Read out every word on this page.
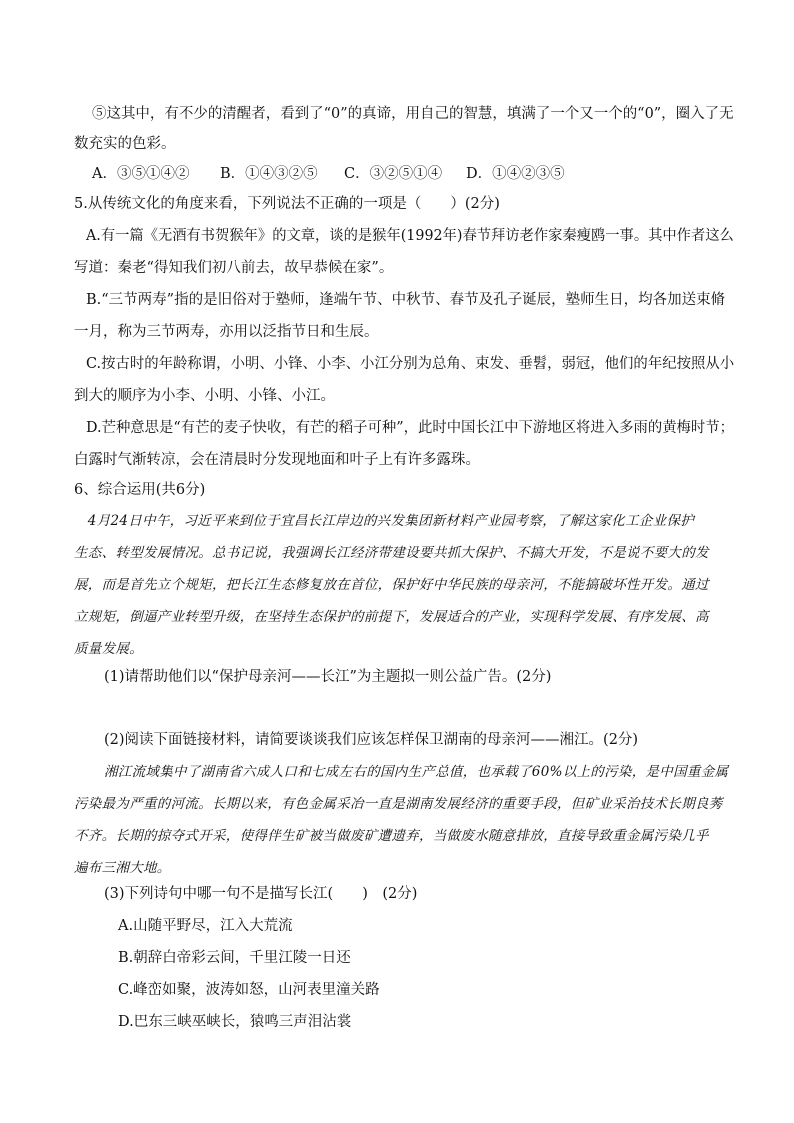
⑤这其中，有不少的清醒者，看到了“0”的真谛，用自己的智慧，填满了一个又一个的“0”，圈入了无
数充实的色彩。
A．③⑤①④② B．①④③②⑤ C．③②⑤①④ D．①④②③⑤
5.从传统文化的角度来看，下列说法不正确的一项是（　　）(2分)
A.有一篇《无酒有书贺猴年》的文章，谈的是猴年(1992年)春节拜访老作家秦瘦鸥一事。其中作者这么
写道：秦老“得知我们初八前去，故早恭候在家”。
B.“三节两寿”指的是旧俗对于塾师，逢端午节、中秋节、春节及孔子诞辰，塾师生日，均各加送束脩
一月，称为三节两寿，亦用以泛指节日和生辰。
C.按古时的年龄称谓，小明、小锋、小李、小江分别为总角、束发、垂髫，弱冠，他们的年纪按照从小
到大的顺序为小李、小明、小锋、小江。
D.芒种意思是“有芒的麦子快收，有芒的稻子可种”，此时中国长江中下游地区将进入多雨的黄梅时节；
白露时气渐转凉，会在清晨时分发现地面和叶子上有许多露珠。
6、综合运用(共6分)
　4月24日中午，习近平来到位于宜昌长江岸边的兴发集团新材料产业园考察，了解这家化工企业保护
生态、转型发展情况。总书记说，我强调长江经济带建设要共抓大保护、不搞大开发，不是说不要大的发
展，而是首先立个规矩，把长江生态修复放在首位，保护好中华民族的母亲河，不能搞破坏性开发。通过
立规矩，倒逼产业转型升级，在坚持生态保护的前提下，发展适合的产业，实现科学发展、有序发展、高
质量发展。
(1)请帮助他们以“保护母亲河——长江”为主题拟一则公益广告。(2分)
(2)阅读下面链接材料，请简要谈谈我们应该怎样保卫湖南的母亲河——湘江。(2分)
湘江流域集中了湖南省六成人口和七成左右的国内生产总值，也承载了60%以上的污染，是中国重金属
污染最为严重的河流。长期以来，有色金属采冶一直是湖南发展经济的重要手段，但矿业采治技术长期良莠
不齐。长期的掠夺式开采，使得伴生矿被当做废矿遭遗弃，当做废水随意排放，直接导致重金属污染几乎
遍布三湘大地。
(3)下列诗句中哪一句不是描写长江(　　)　(2分)
A.山随平野尽，江入大荒流
B.朝辞白帝彩云间，千里江陵一日还
C.峰峦如聚，波涛如怒，山河表里潼关路
D.巴东三峡巫峡长，猿鸣三声泪沾裳
